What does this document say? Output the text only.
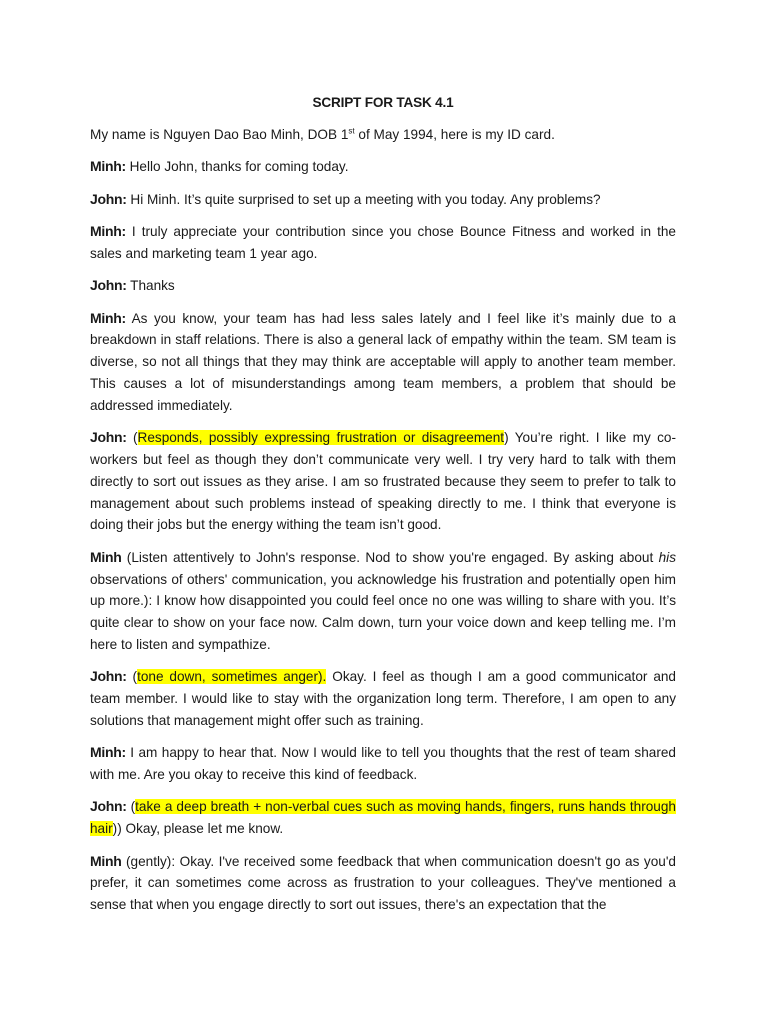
SCRIPT FOR TASK 4.1

My name is Nguyen Dao Bao Minh, DOB 1st of May 1994, here is my ID card.

Minh: Hello John, thanks for coming today.

John: Hi Minh. It’s quite surprised to set up a meeting with you today. Any problems?

Minh: I truly appreciate your contribution since you chose Bounce Fitness and worked in the sales and marketing team 1 year ago.

John: Thanks

Minh: As you know, your team has had less sales lately and I feel like it’s mainly due to a breakdown in staff relations. There is also a general lack of empathy within the team. SM team is diverse, so not all things that they may think are acceptable will apply to another team member. This causes a lot of misunderstandings among team members, a problem that should be addressed immediately.

John: (Responds, possibly expressing frustration or disagreement) You’re right. I like my co-workers but feel as though they don’t communicate very well. I try very hard to talk with them directly to sort out issues as they arise. I am so frustrated because they seem to prefer to talk to management about such problems instead of speaking directly to me. I think that everyone is doing their jobs but the energy withing the team isn’t good.

Minh (Listen attentively to John's response. Nod to show you're engaged. By asking about his observations of others' communication, you acknowledge his frustration and potentially open him up more.): I know how disappointed you could feel once no one was willing to share with you. It’s quite clear to show on your face now. Calm down, turn your voice down and keep telling me. I’m here to listen and sympathize.

John: (tone down, sometimes anger). Okay. I feel as though I am a good communicator and team member. I would like to stay with the organization long term. Therefore, I am open to any solutions that management might offer such as training.

Minh: I am happy to hear that. Now I would like to tell you thoughts that the rest of team shared with me. Are you okay to receive this kind of feedback.

John: (take a deep breath + non-verbal cues such as moving hands, fingers, runs hands through hair)) Okay, please let me know.

Minh (gently): Okay. I've received some feedback that when communication doesn't go as you'd prefer, it can sometimes come across as frustration to your colleagues. They've mentioned a sense that when you engage directly to sort out issues, there's an expectation that the
